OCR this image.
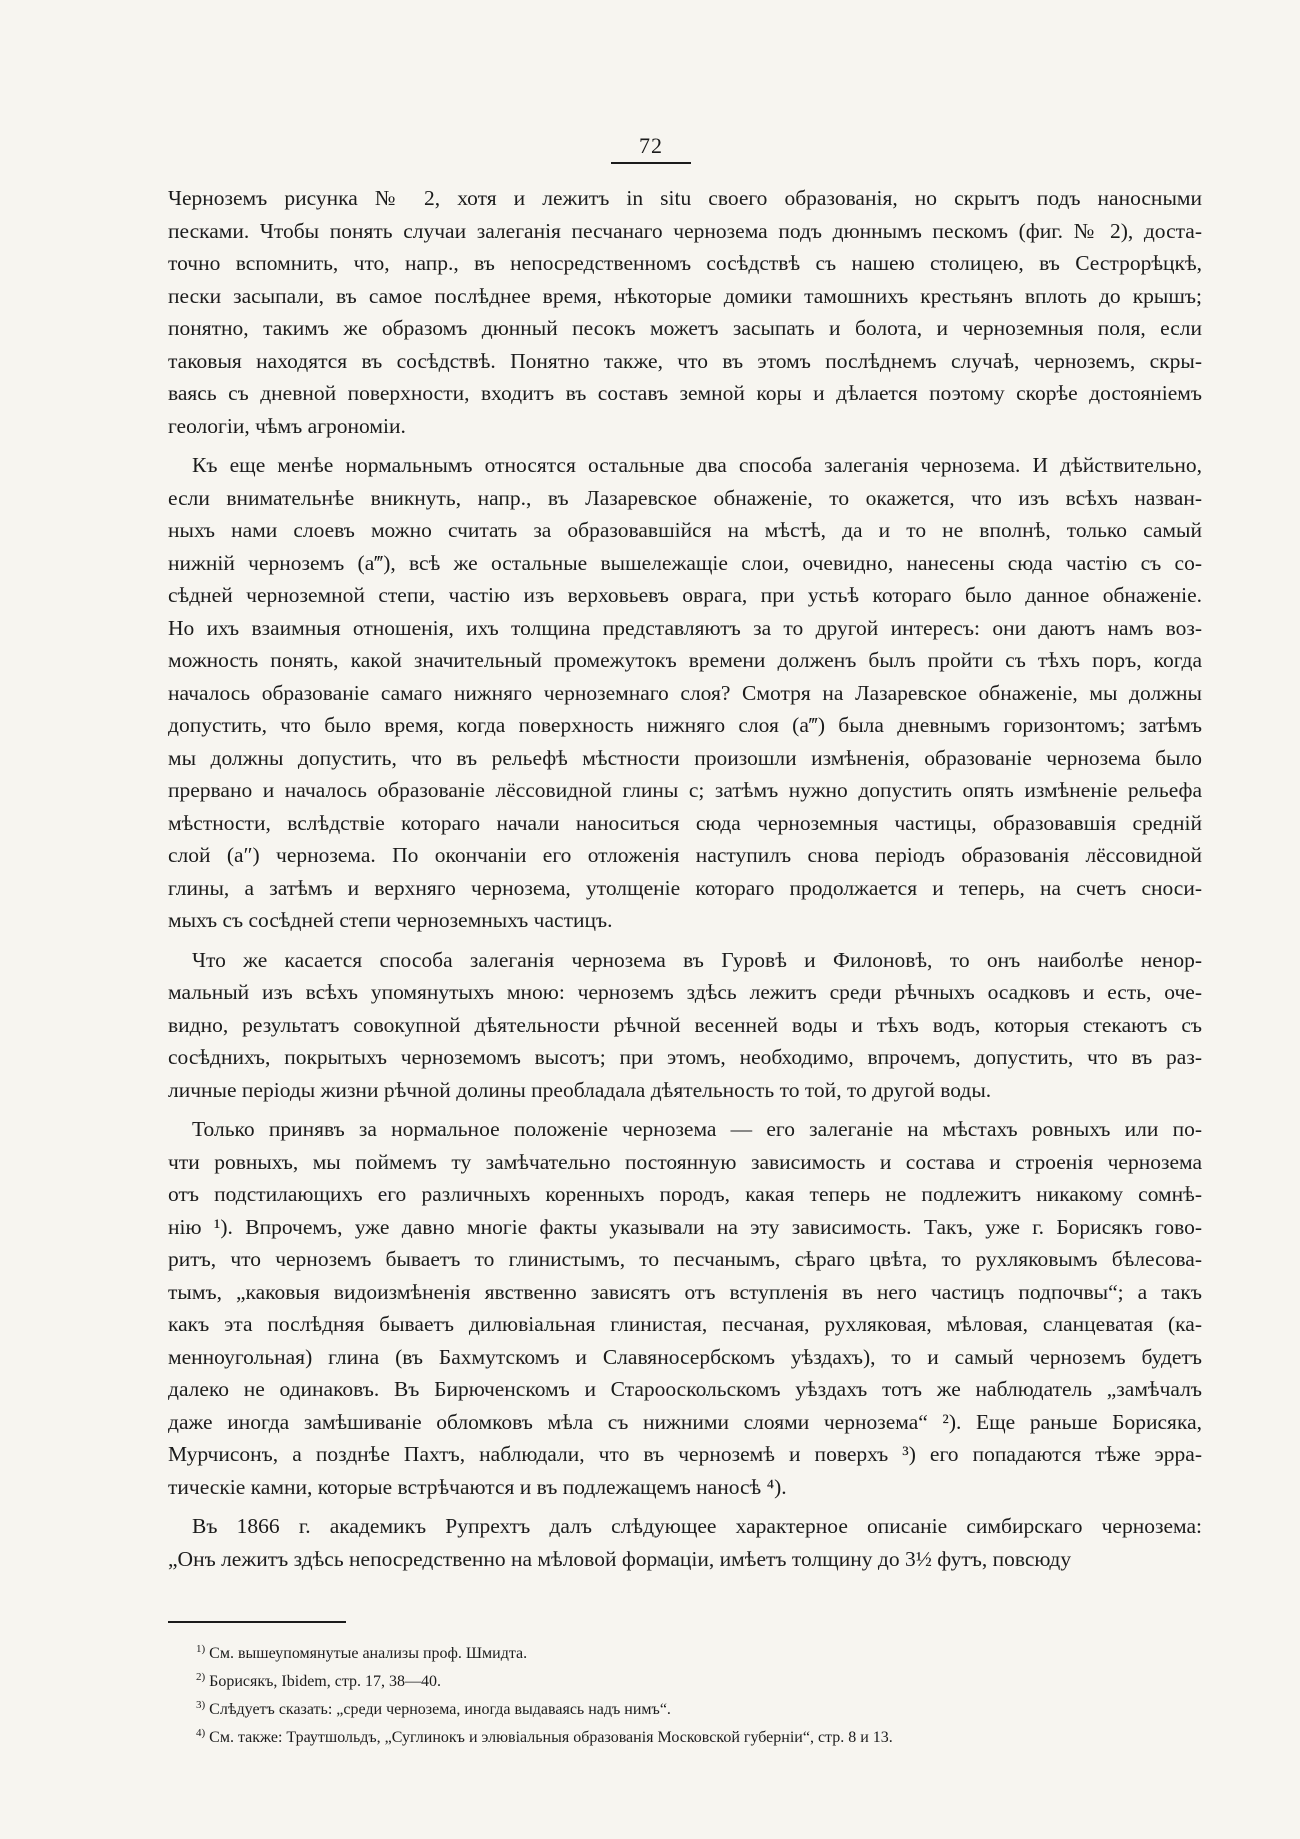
72
Черноземъ рисунка № 2, хотя и лежитъ in situ своего образованія, но скрытъ подъ наносными
песками. Чтобы понять случаи залеганія песчанаго чернозема подъ дюннымъ пескомъ (фиг. № 2), доста-
точно вспомнить, что, напр., въ непосредственномъ сосѣдствѣ съ нашею столицею, въ Сестрорѣцкѣ,
пески засыпали, въ самое послѣднее время, нѣкоторые домики тамошнихъ крестьянъ вплоть до крышъ;
понятно, такимъ же образомъ дюнный песокъ можетъ засыпать и болота, и черноземныя поля, если
таковыя находятся въ сосѣдствѣ. Понятно также, что въ этомъ послѣднемъ случаѣ, черноземъ, скры-
ваясь съ дневной поверхности, входитъ въ составъ земной коры и дѣлается поэтому скорѣе достояніемъ
геологіи, чѣмъ агрономіи.
Къ еще менѣе нормальнымъ относятся остальные два способа залеганія чернозема. И дѣйствительно,
если внимательнѣе вникнуть, напр., въ Лазаревское обнаженіе, то окажется, что изъ всѣхъ назван-
ныхъ нами слоевъ можно считать за образовавшійся на мѣстѣ, да и то не вполнѣ, только самый
нижній черноземъ (a‴), всѣ же остальные вышележащіе слои, очевидно, нанесены сюда частію съ со-
сѣдней черноземной степи, частію изъ верховьевъ оврага, при устьѣ котораго было данное обнаженіе.
Но ихъ взаимныя отношенія, ихъ толщина представляютъ за то другой интересъ: они даютъ намъ воз-
можность понять, какой значительный промежутокъ времени долженъ былъ пройти съ тѣхъ поръ, когда
началось образованіе самаго нижняго черноземнаго слоя? Смотря на Лазаревское обнаженіе, мы должны
допустить, что было время, когда поверхность нижняго слоя (a‴) была дневнымъ горизонтомъ; затѣмъ
мы должны допустить, что въ рельефѣ мѣстности произошли измѣненія, образованіе чернозема было
прервано и началось образованіе лёссовидной глины c; затѣмъ нужно допустить опять измѣненіе рельефа
мѣстности, вслѣдствіе котораго начали наноситься сюда черноземныя частицы, образовавшія средній
слой (a″) чернозема. По окончаніи его отложенія наступилъ снова періодъ образованія лёссовидной
глины, а затѣмъ и верхняго чернозема, утолщеніе котораго продолжается и теперь, на счетъ сноси-
мыхъ съ сосѣдней степи черноземныхъ частицъ.
Что же касается способа залеганія чернозема въ Гуровѣ и Филоновѣ, то онъ наиболѣе ненор-
мальный изъ всѣхъ упомянутыхъ мною: черноземъ здѣсь лежитъ среди рѣчныхъ осадковъ и есть, оче-
видно, результатъ совокупной дѣятельности рѣчной весенней воды и тѣхъ водъ, которыя стекаютъ съ
сосѣднихъ, покрытыхъ черноземомъ высотъ; при этомъ, необходимо, впрочемъ, допустить, что въ раз-
личные періоды жизни рѣчной долины преобладала дѣятельность то той, то другой воды.
Только принявъ за нормальное положеніе чернозема — его залеганіе на мѣстахъ ровныхъ или по-
чти ровныхъ, мы поймемъ ту замѣчательно постоянную зависимость и состава и строенія чернозема
отъ подстилающихъ его различныхъ коренныхъ породъ, какая теперь не подлежитъ никакому сомнѣ-
нію ¹). Впрочемъ, уже давно многіе факты указывали на эту зависимость. Такъ, уже г. Борисякъ гово-
ритъ, что черноземъ бываетъ то глинистымъ, то песчанымъ, сѣраго цвѣта, то рухляковымъ бѣлесова-
тымъ, „каковыя видоизмѣненія явственно зависятъ отъ вступленія въ него частицъ подпочвы“; а такъ
какъ эта послѣдняя бываетъ дилювіальная глинистая, песчаная, рухляковая, мѣловая, сланцеватая (ка-
менноугольная) глина (въ Бахмутскомъ и Славяносербскомъ уѣздахъ), то и самый черноземъ будетъ
далеко не одинаковъ. Въ Бирюченскомъ и Старооскольскомъ уѣздахъ тотъ же наблюдатель „замѣчалъ
даже иногда замѣшиваніе обломковъ мѣла съ нижними слоями чернозема“ ²). Еще раньше Борисяка,
Мурчисонъ, а позднѣе Пахтъ, наблюдали, что въ черноземѣ и поверхъ ³) его попадаются тѣже эрра-
тическіе камни, которые встрѣчаются и въ подлежащемъ наносѣ ⁴).
Въ 1866 г. академикъ Рупрехтъ далъ слѣдующее характерное описаніе симбирскаго чернозема:
„Онъ лежитъ здѣсь непосредственно на мѣловой формаціи, имѣетъ толщину до 3½ футъ, повсюду
$^{1)}$ См. вышеупомянутые анализы проф. Шмидта.
$^{2)}$ Борисякъ, Ibidem, стр. 17, 38—40.
$^{3)}$ Слѣдуетъ сказать: „среди чернозема, иногда выдаваясь надъ нимъ“.
$^{4)}$ См. также: Траутшольдъ, „Суглинокъ и элювіальныя образованія Московской губерніи“, стр. 8 и 13.
